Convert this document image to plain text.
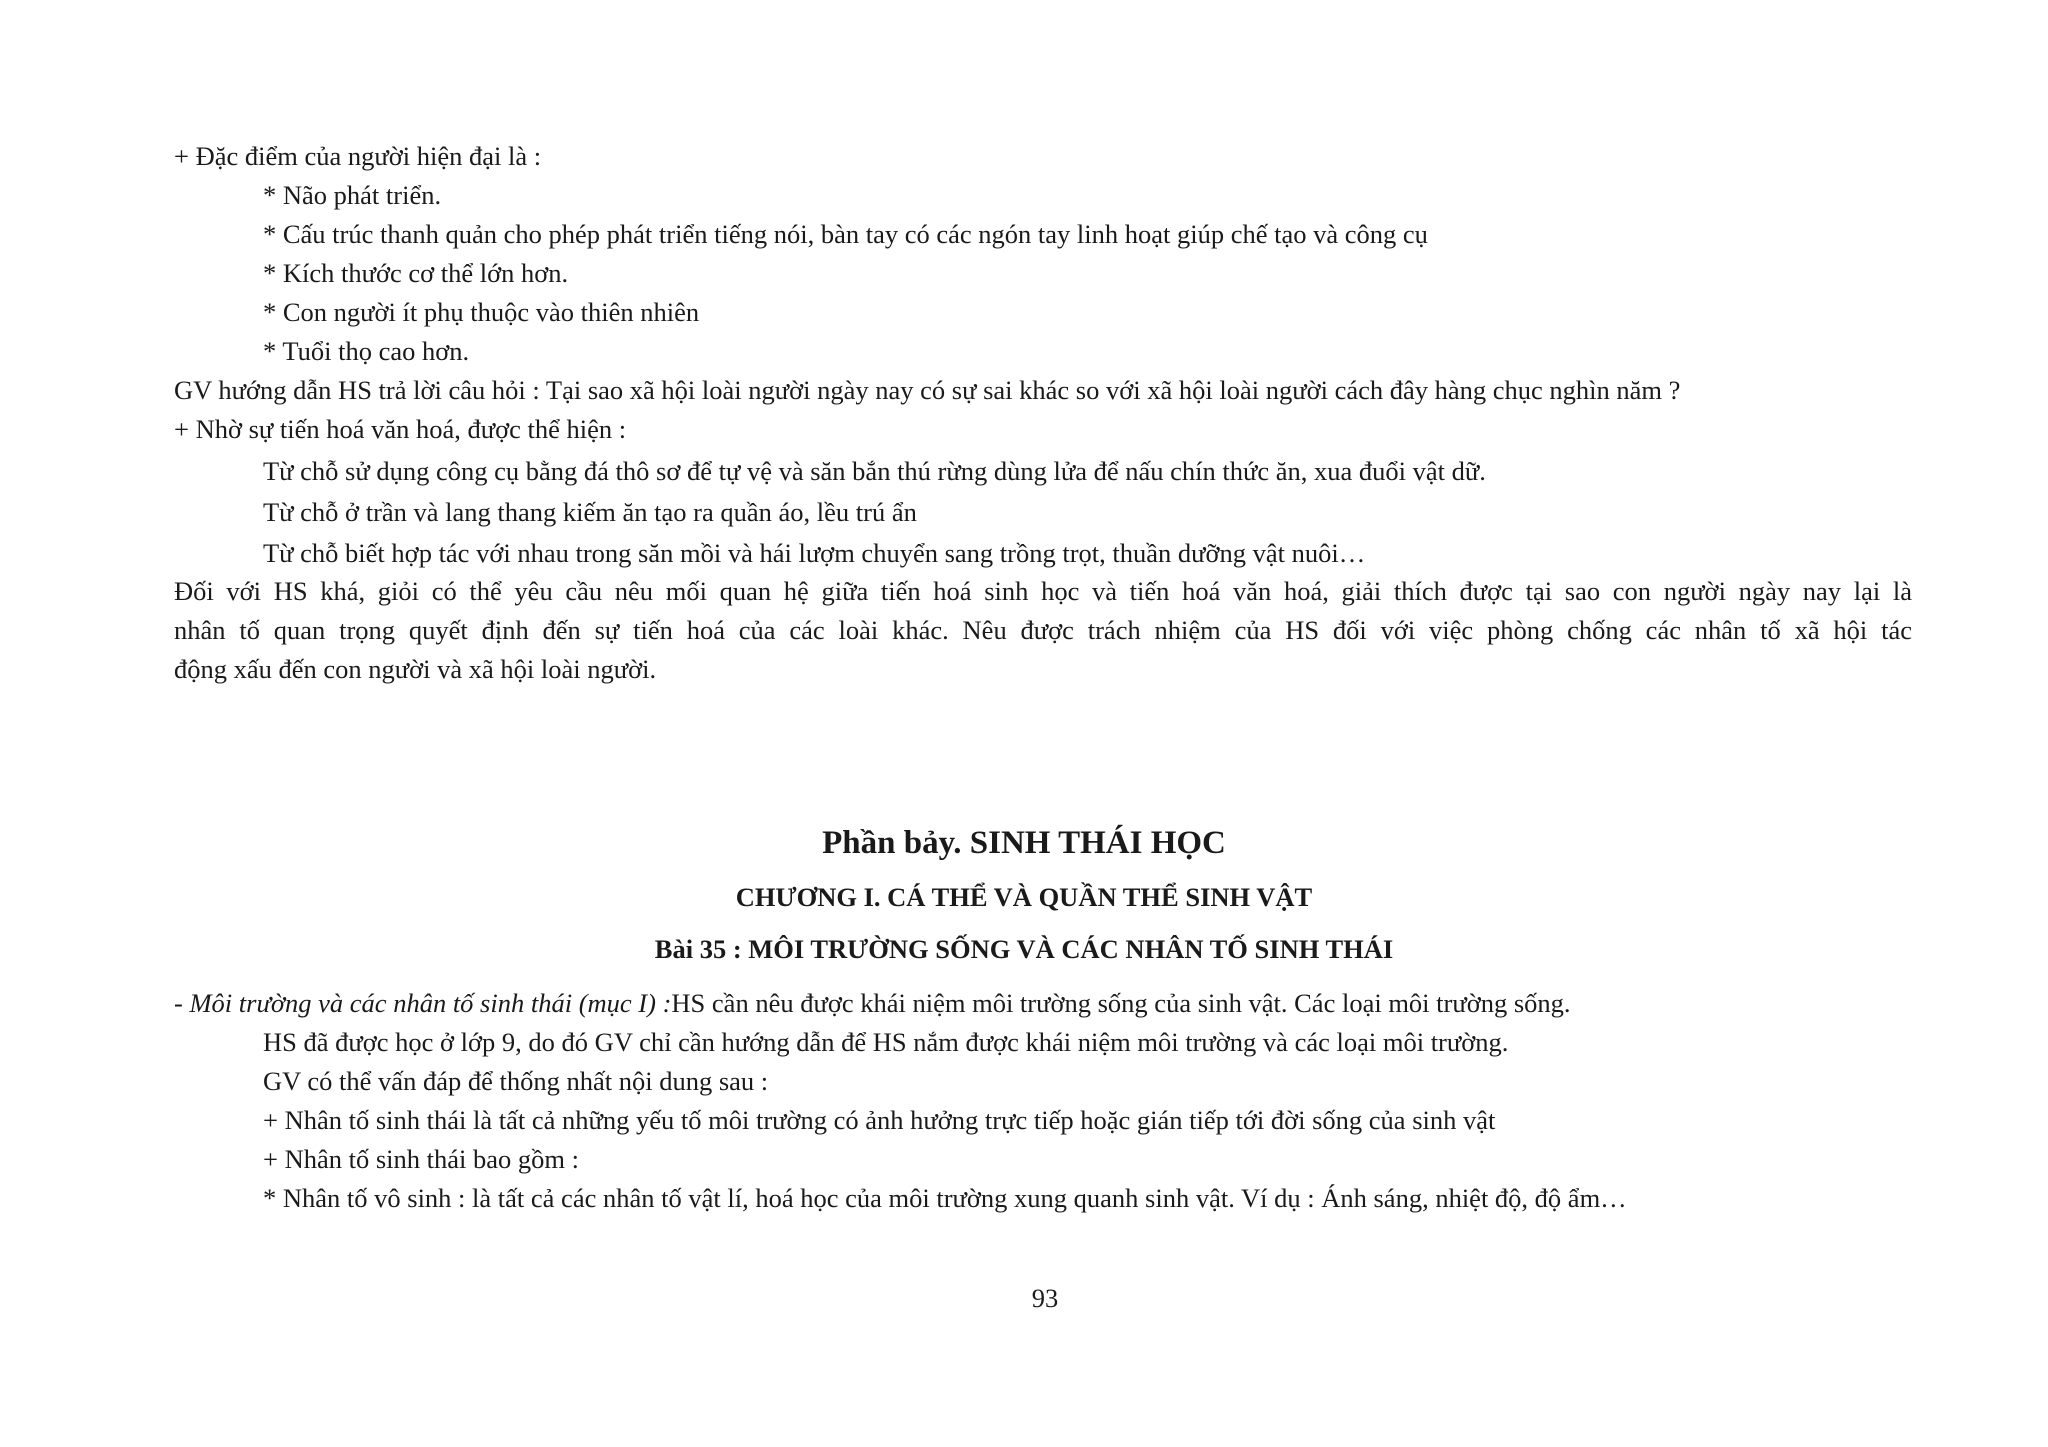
+ Đặc điểm của người hiện đại là :
* Não phát triển.
* Cấu trúc thanh quản cho phép phát triển tiếng nói, bàn tay có các ngón tay linh hoạt giúp chế tạo và công cụ
* Kích thước cơ thể lớn hơn.
* Con người ít phụ thuộc vào thiên nhiên
* Tuổi thọ cao hơn.
GV hướng dẫn HS trả lời câu hỏi : Tại sao xã hội loài người ngày nay có sự sai khác so với xã hội loài người cách đây hàng chục nghìn năm ?
+ Nhờ sự tiến hoá văn hoá, được thể hiện :
Từ chỗ sử dụng công cụ bằng đá thô sơ để tự vệ và săn bắn thú rừng dùng lửa để nấu chín thức ăn, xua đuổi vật dữ.
Từ chỗ ở trần và lang thang kiếm ăn tạo ra quần áo, lều trú ẩn
Từ chỗ biết hợp tác với nhau trong săn mồi và hái lượm chuyển sang trồng trọt, thuần dưỡng vật nuôi…
Đối với HS khá, giỏi có thể yêu cầu nêu mối quan hệ giữa tiến hoá sinh học và tiến hoá văn hoá, giải thích được tại sao con người ngày nay lại là
nhân tố quan trọng quyết định đến sự tiến hoá của các loài khác. Nêu được trách nhiệm của HS đối với việc phòng chống các nhân tố xã hội tác
động xấu đến con người và xã hội loài người.
Phần bảy. SINH THÁI HỌC
CHƯƠNG I. CÁ THỂ VÀ QUẦN THỂ SINH VẬT
Bài 35 : MÔI TRƯỜNG SỐNG VÀ CÁC NHÂN TỐ SINH THÁI
- Môi trường và các nhân tố sinh thái (mục I) :HS cần nêu được khái niệm môi trường sống của sinh vật. Các loại môi trường sống.
HS đã được học ở lớp 9, do đó GV chỉ cần hướng dẫn để HS nắm được khái niệm môi trường và các loại môi trường.
GV có thể vấn đáp để thống nhất nội dung sau :
+ Nhân tố sinh thái là tất cả những yếu tố môi trường có ảnh hưởng trực tiếp hoặc gián tiếp tới đời sống của sinh vật
+ Nhân tố sinh thái bao gồm :
* Nhân tố vô sinh : là tất cả các nhân tố vật lí, hoá học của môi trường xung quanh sinh vật. Ví dụ : Ánh sáng, nhiệt độ, độ ẩm…
93
